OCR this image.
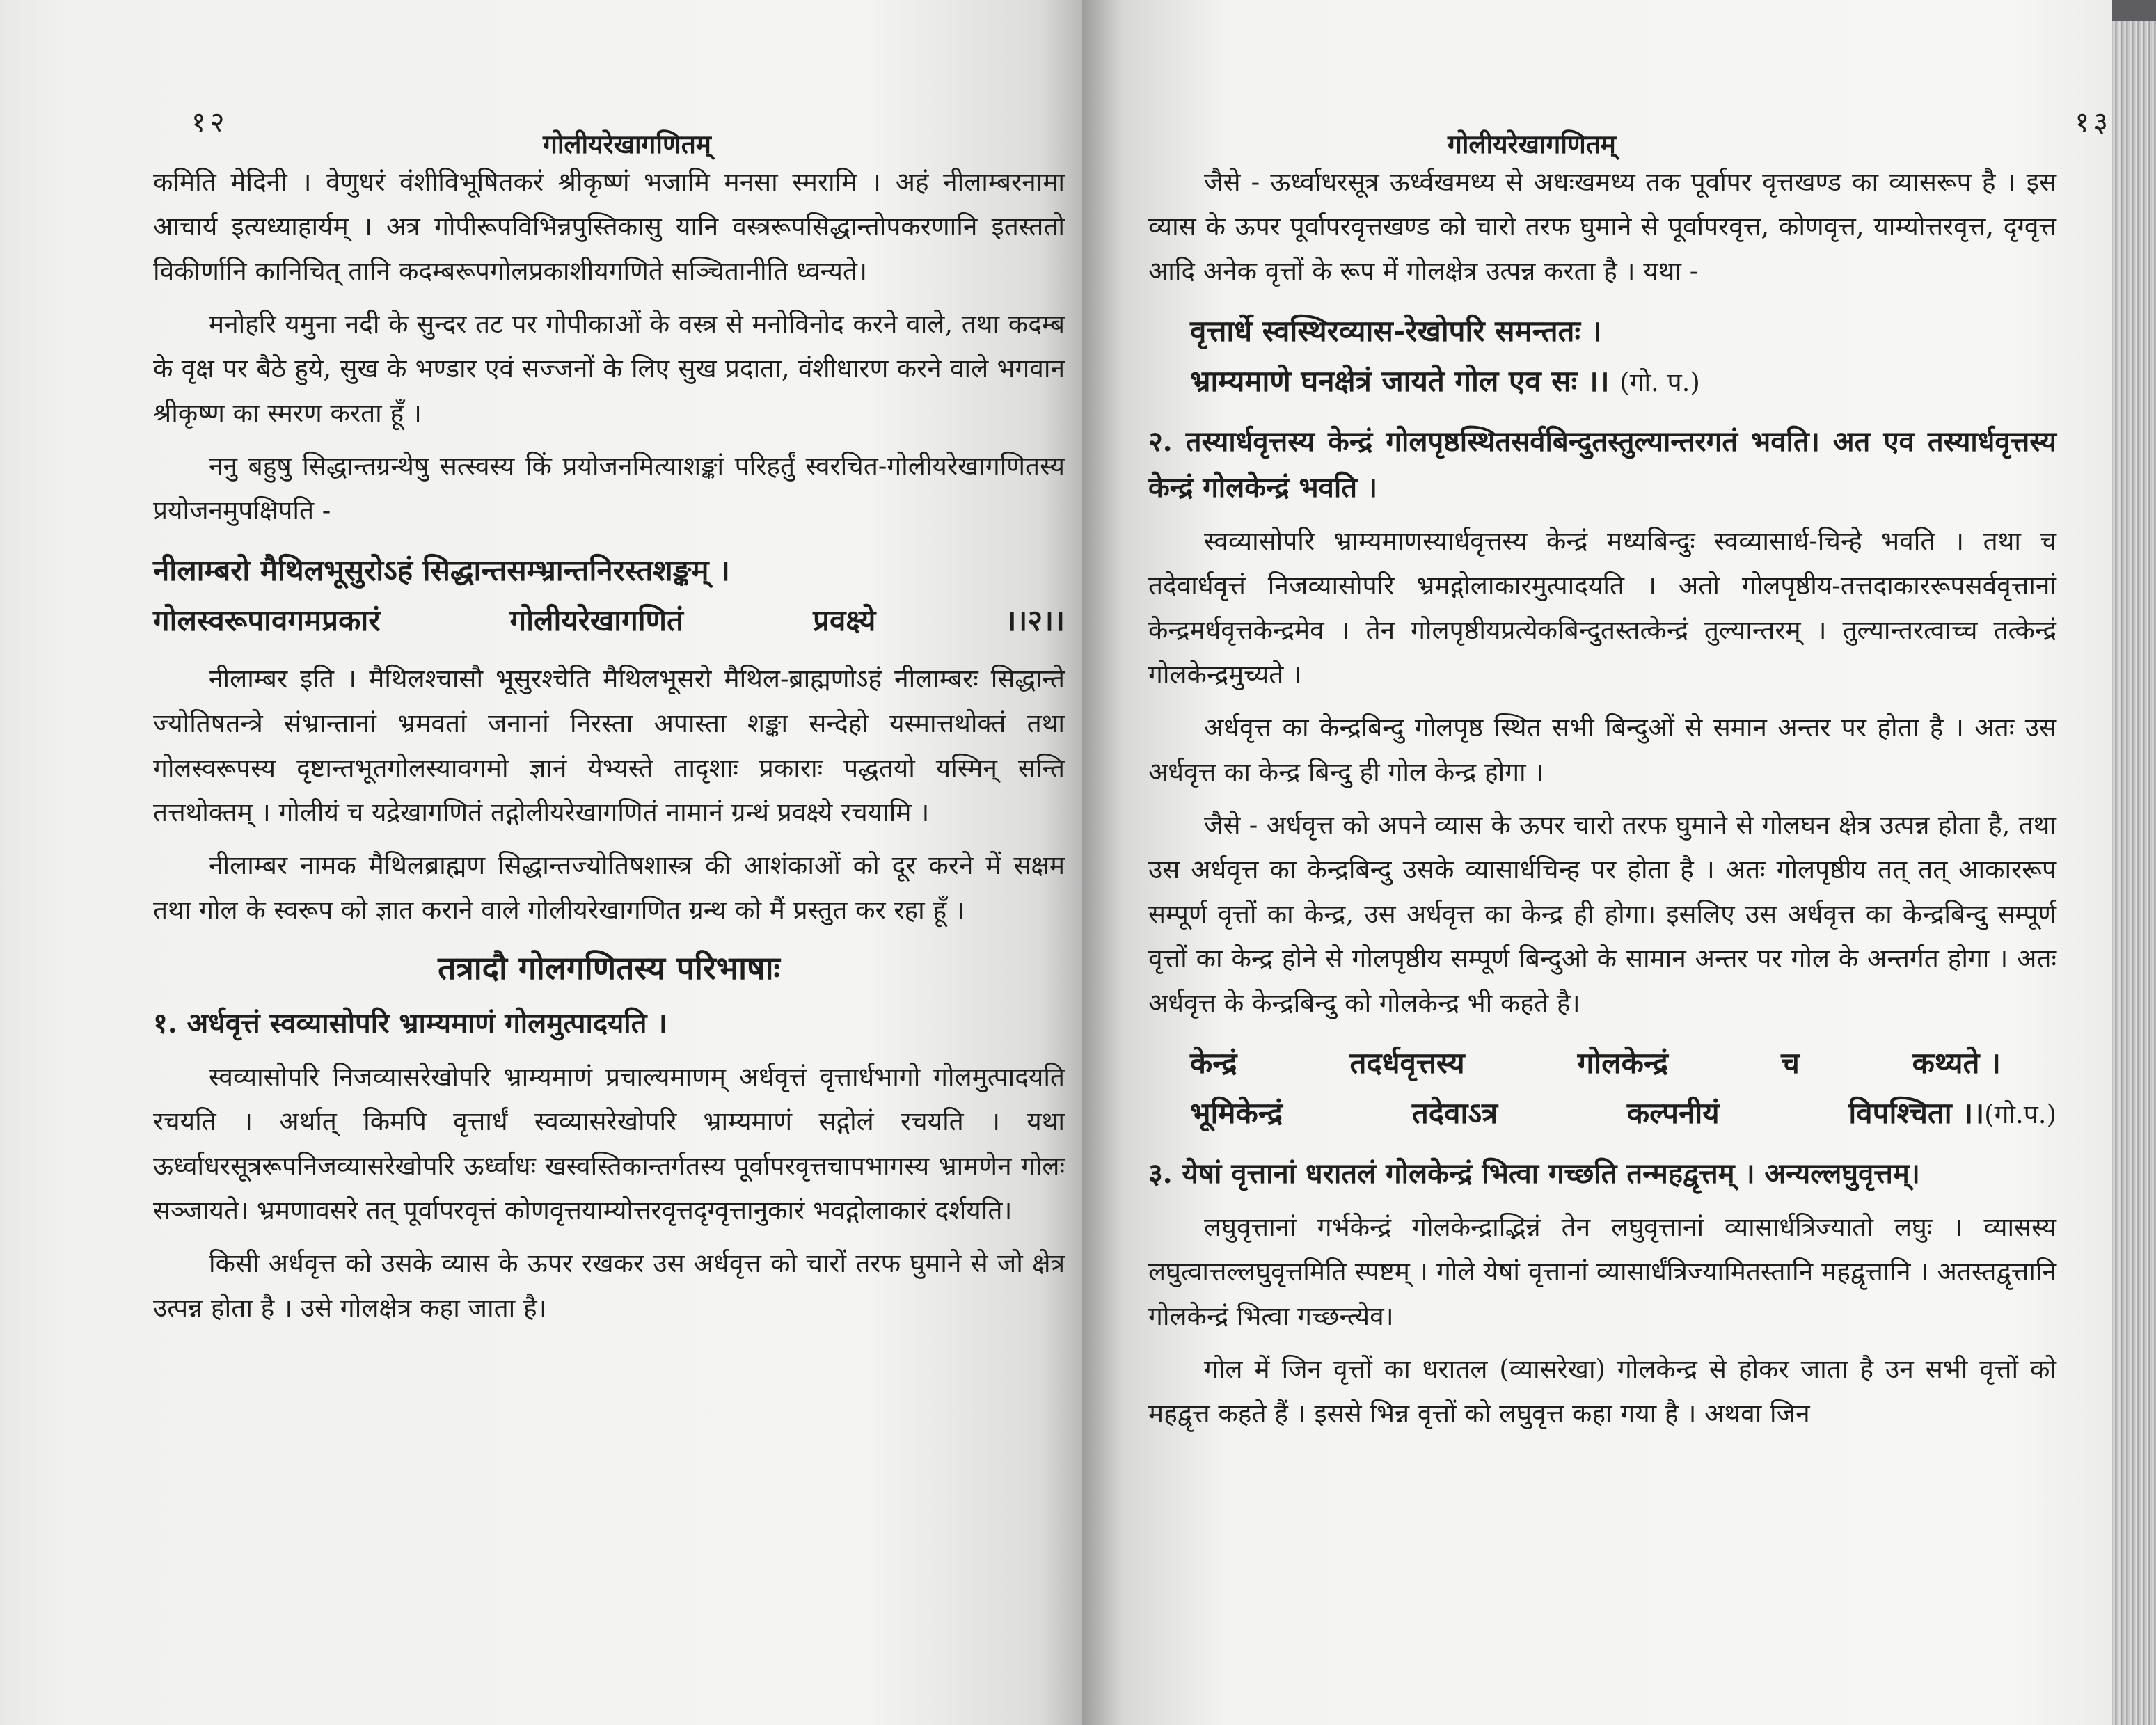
१२
गोलीयरेखागणितम्

कमिति मेदिनी । वेणुधरं वंशीविभूषितकरं श्रीकृष्णं भजामि मनसा स्मरामि । अहं नीलाम्बरनामा आचार्य इत्यध्याहार्यम् । अत्र गोपीरूपविभिन्नपुस्तिकासु यानि वस्त्ररूपसिद्धान्तोपकरणानि इतस्ततो विकीर्णानि कानिचित् तानि कदम्बरूपगोलप्रकाशीयगणिते सञ्चितानीति ध्वन्यते।

मनोहरि यमुना नदी के सुन्दर तट पर गोपीकाओं के वस्त्र से मनोविनोद करने वाले, तथा कदम्ब के वृक्ष पर बैठे हुये, सुख के भण्डार एवं सज्जनों के लिए सुख प्रदाता, वंशीधारण करने वाले भगवान श्रीकृष्ण का स्मरण करता हूँ ।

ननु बहुषु सिद्धान्तग्रन्थेषु सत्स्वस्य किं प्रयोजनमित्याशङ्कां परिहर्तुं स्वरचित-गोलीयरेखागणितस्य प्रयोजनमुपक्षिपति -

नीलाम्बरो मैथिलभूसुरोऽहं सिद्धान्तसम्भ्रान्तनिरस्तशङ्कम् ।
गोलस्वरूपावगमप्रकारं	गोलीयरेखागणितं	प्रवक्ष्ये	।।२।।

नीलाम्बर इति । मैथिलश्चासौ भूसुरश्चेति मैथिलभूसरो मैथिल-ब्राह्मणोऽहं नीलाम्बरः सिद्धान्ते ज्योतिषतन्त्रे संभ्रान्तानां भ्रमवतां जनानां निरस्ता अपास्ता शङ्का सन्देहो यस्मात्तथोक्तं तथा गोलस्वरूपस्य दृष्टान्तभूतगोलस्यावगमो ज्ञानं येभ्यस्ते तादृशाः प्रकाराः पद्धतयो यस्मिन् सन्ति तत्तथोक्तम् । गोलीयं च यद्रेखागणितं तद्गोलीयरेखागणितं नामानं ग्रन्थं प्रवक्ष्ये रचयामि ।

नीलाम्बर नामक मैथिलब्राह्मण सिद्धान्तज्योतिषशास्त्र की आशंकाओं को दूर करने में सक्षम तथा गोल के स्वरूप को ज्ञात कराने वाले गोलीयरेखागणित ग्रन्थ को मैं प्रस्तुत कर रहा हूँ ।

तत्रादौ गोलगणितस्य परिभाषाः
१. अर्धवृत्तं स्वव्यासोपरि भ्राम्यमाणं गोलमुत्पादयति ।

स्वव्यासोपरि निजव्यासरेखोपरि भ्राम्यमाणं प्रचाल्यमाणम् अर्धवृत्तं वृत्तार्धभागो गोलमुत्पादयति रचयति । अर्थात् किमपि वृत्तार्धं स्वव्यासरेखोपरि भ्राम्यमाणं सद्गोलं रचयति । यथा ऊर्ध्वाधरसूत्ररूपनिजव्यासरेखोपरि ऊर्ध्वाधः खस्वस्तिकान्तर्गतस्य पूर्वापरवृत्तचापभागस्य भ्रामणेन गोलः सञ्जायते। भ्रमणावसरे तत् पूर्वापरवृत्तं कोणवृत्तयाम्योत्तरवृत्तदृग्वृत्तानुकारं भवद्गोलाकारं दर्शयति।

किसी अर्धवृत्त को उसके व्यास के ऊपर रखकर उस अर्धवृत्त को चारों तरफ घुमाने से जो क्षेत्र उत्पन्न होता है । उसे गोलक्षेत्र कहा जाता है।

गोलीयरेखागणितम्
१३

जैसे - ऊर्ध्वाधरसूत्र ऊर्ध्वखमध्य से अधःखमध्य तक पूर्वापर वृत्तखण्ड का व्यासरूप है । इस व्यास के ऊपर पूर्वापरवृत्तखण्ड को चारो तरफ घुमाने से पूर्वापरवृत्त, कोणवृत्त, याम्योत्तरवृत्त, दृग्वृत्त आदि अनेक वृत्तों के रूप में गोलक्षेत्र उत्पन्न करता है । यथा -

वृत्तार्धे स्वस्थिरव्यास-रेखोपरि समन्ततः ।
भ्राम्यमाणे घनक्षेत्रं जायते गोल एव सः ।। (गो. प.)
२. तस्यार्धवृत्तस्य केन्द्रं गोलपृष्ठस्थितसर्वबिन्दुतस्तुल्यान्तरगतं भवति। अत एव तस्यार्धवृत्तस्य केन्द्रं गोलकेन्द्रं भवति ।

स्वव्यासोपरि भ्राम्यमाणस्यार्धवृत्तस्य केन्द्रं मध्यबिन्दुः स्वव्यासार्ध-चिन्हे भवति । तथा च तदेवार्धवृत्तं निजव्यासोपरि भ्रमद्गोलाकारमुत्पादयति । अतो गोलपृष्ठीय-तत्तदाकाररूपसर्ववृत्तानां केन्द्रमर्धवृत्तकेन्द्रमेव । तेन गोलपृष्ठीयप्रत्येकबिन्दुतस्तत्केन्द्रं तुल्यान्तरम् । तुल्यान्तरत्वाच्च तत्केन्द्रं गोलकेन्द्रमुच्यते ।

अर्धवृत्त का केन्द्रबिन्दु गोलपृष्ठ स्थित सभी बिन्दुओं से समान अन्तर पर होता है । अतः उस अर्धवृत्त का केन्द्र बिन्दु ही गोल केन्द्र होगा ।

जैसे - अर्धवृत्त को अपने व्यास के ऊपर चारो तरफ घुमाने से गोलघन क्षेत्र उत्पन्न होता है, तथा उस अर्धवृत्त का केन्द्रबिन्दु उसके व्यासार्धचिन्ह पर होता है । अतः गोलपृष्ठीय तत् तत् आकाररूप सम्पूर्ण वृत्तों का केन्द्र, उस अर्धवृत्त का केन्द्र ही होगा। इसलिए उस अर्धवृत्त का केन्द्रबिन्दु सम्पूर्ण वृत्तों का केन्द्र होने से गोलपृष्ठीय सम्पूर्ण बिन्दुओ के सामान अन्तर पर गोल के अन्तर्गत होगा । अतः अर्धवृत्त के केन्द्रबिन्दु को गोलकेन्द्र भी कहते है।

केन्द्रं	तदर्धवृत्तस्य	गोलकेन्द्रं	च	कथ्यते ।
भूमिकेन्द्रं	तदेवाऽत्र	कल्पनीयं	विपश्चिता ।।(गो.प.)
३. येषां वृत्तानां धरातलं गोलकेन्द्रं भित्वा गच्छति तन्महद्वृत्तम् । अन्यल्लघुवृत्तम्।

लघुवृत्तानां गर्भकेन्द्रं गोलकेन्द्राद्भिन्नं तेन लघुवृत्तानां व्यासार्धत्रिज्यातो लघुः । व्यासस्य लघुत्वात्तल्लघुवृत्तमिति स्पष्टम् । गोले येषां वृत्तानां व्यासार्धंत्रिज्यामितस्तानि महद्वृत्तानि । अतस्तद्वृत्तानि गोलकेन्द्रं भित्वा गच्छन्त्येव।

गोल में जिन वृत्तों का धरातल (व्यासरेखा) गोलकेन्द्र से होकर जाता है उन सभी वृत्तों को महद्वृत्त कहते हैं । इससे भिन्न वृत्तों को लघुवृत्त कहा गया है । अथवा जिन
